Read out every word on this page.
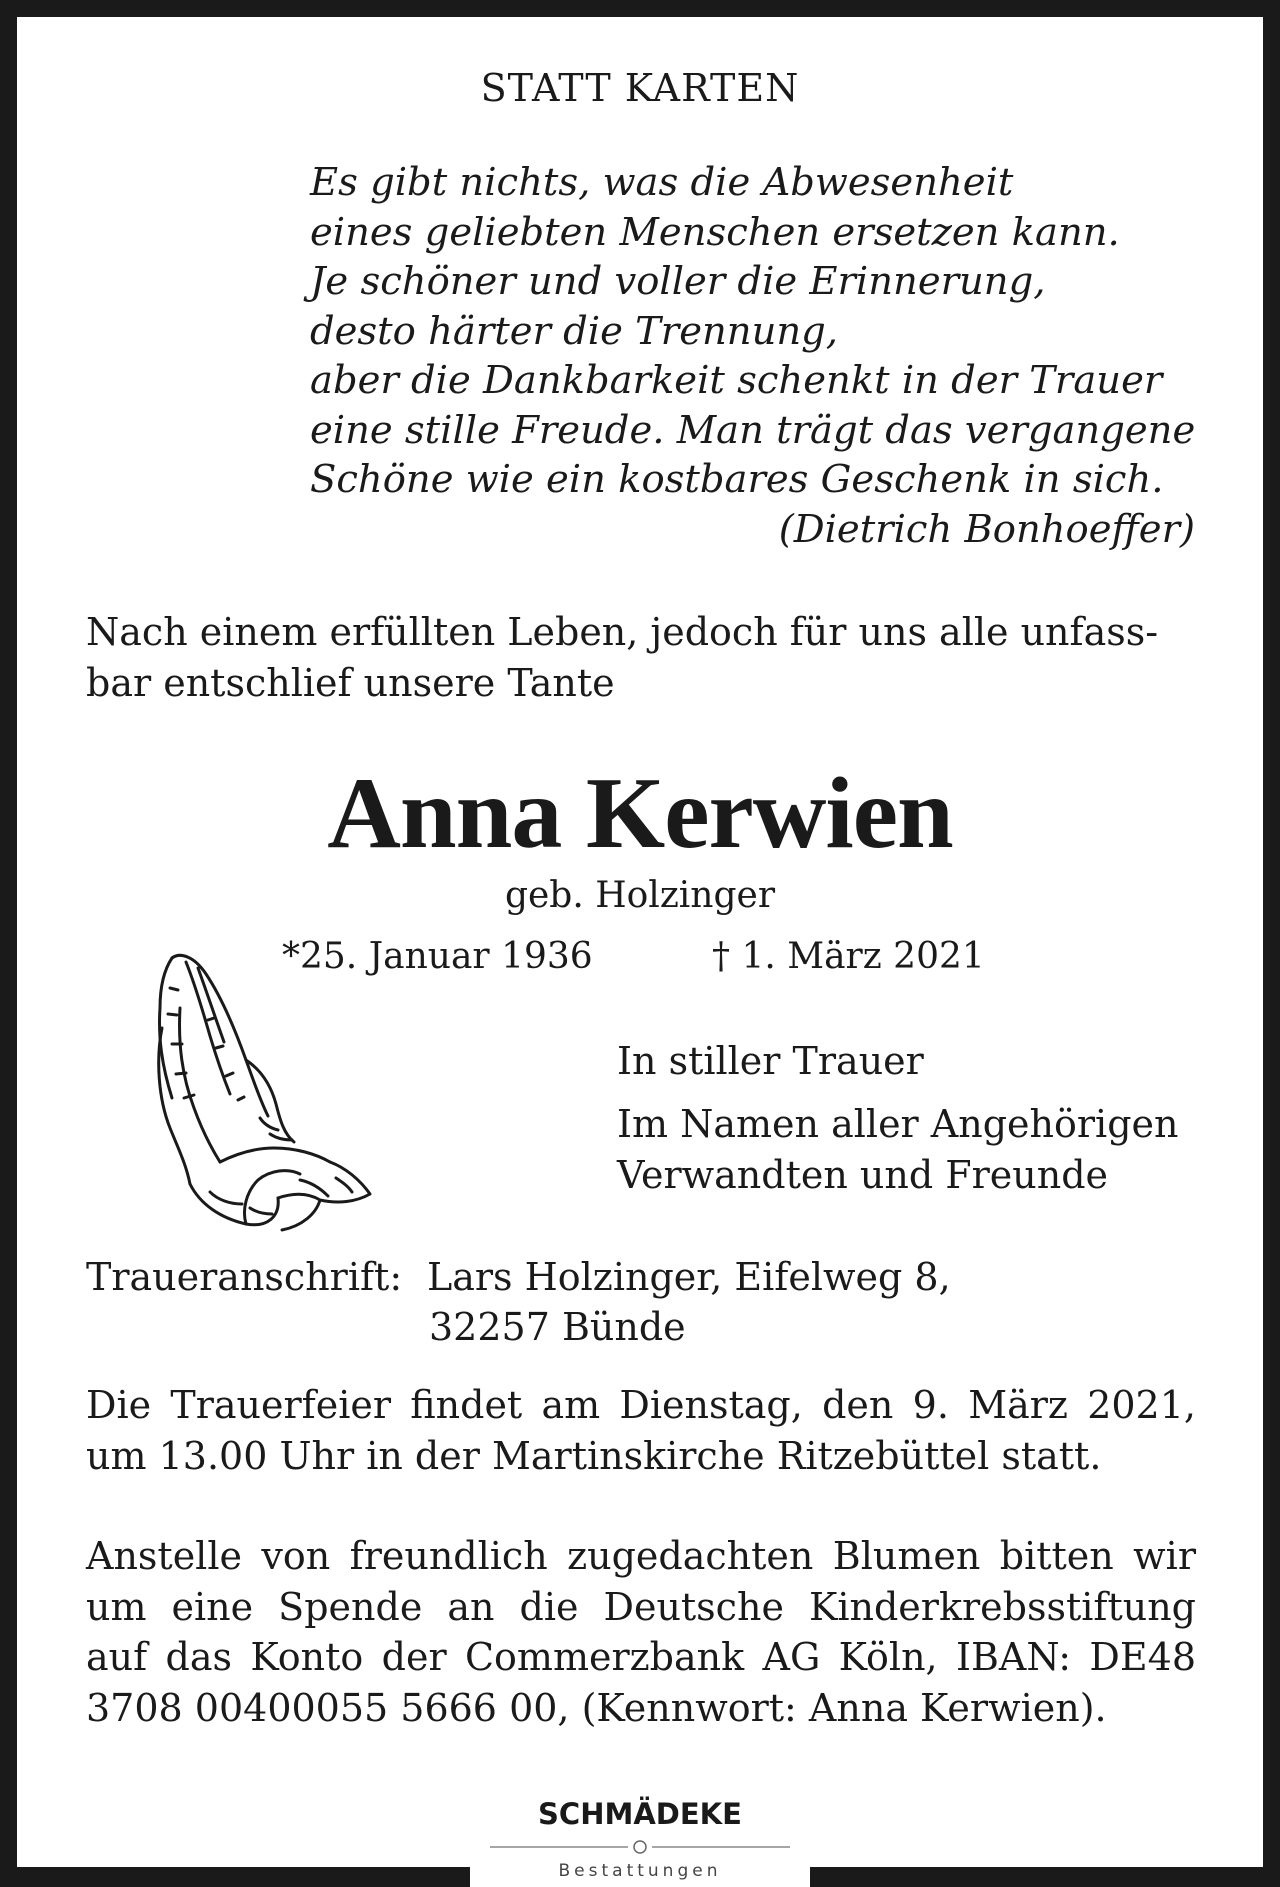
STATT KARTEN
Es gibt nichts, was die Abwesenheit
eines geliebten Menschen ersetzen kann.
Je schöner und voller die Erinnerung,
desto härter die Trennung,
aber die Dankbarkeit schenkt in der Trauer
eine stille Freude. Man trägt das vergangene
Schöne wie ein kostbares Geschenk in sich.
(Dietrich Bonhoeffer)
Nach einem erfüllten Leben, jedoch für uns alle unfass-
bar entschlief unsere Tante
Anna Kerwien
geb. Holzinger
*25. Januar 1936	† 1. März 2021
In stiller Trauer
Im Namen aller Angehörigen
Verwandten und Freunde
Traueranschrift: Lars Holzinger, Eifelweg 8,
32257 Bünde
Die Trauerfeier findet am Dienstag, den 9. März 2021,
um 13.00 Uhr in der Martinskirche Ritzebüttel statt.
Anstelle von freundlich zugedachten Blumen bitten wir
um eine Spende an die Deutsche Kinderkrebsstiftung
auf das Konto der Commerzbank AG Köln, IBAN: DE48
3708 00400055 5666 00, (Kennwort: Anna Kerwien).
SCHMÄDEKE
Bestattungen
